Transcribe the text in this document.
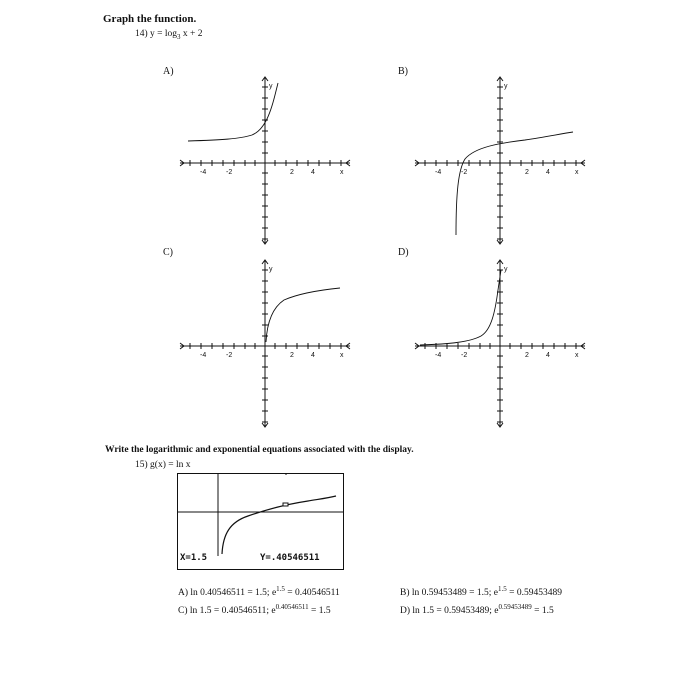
Graph the function.
14) $y = \log_3 x + 2$
A)	B)
C)	D)
-4	-2	2 4	x
y
-4	-2	2 4	x
y
-4	-2	2 4	x
y
-4	-2	2 4	x
y
Write the logarithmic and exponential equations associated with the display.
15) g(x) = ln x
X=1.5	Y=.40546511
A) ln 0.40546511 = 1.5; $e^{1.5} = 0.40546511$
C) ln 1.5 = 0.40546511; $e^{0.40546511} = 1.5$
B) ln 0.59453489 = 1.5; $e^{1.5} = 0.59453489$
D) ln 1.5 = 0.59453489; $e^{0.59453489} = 1.5$
